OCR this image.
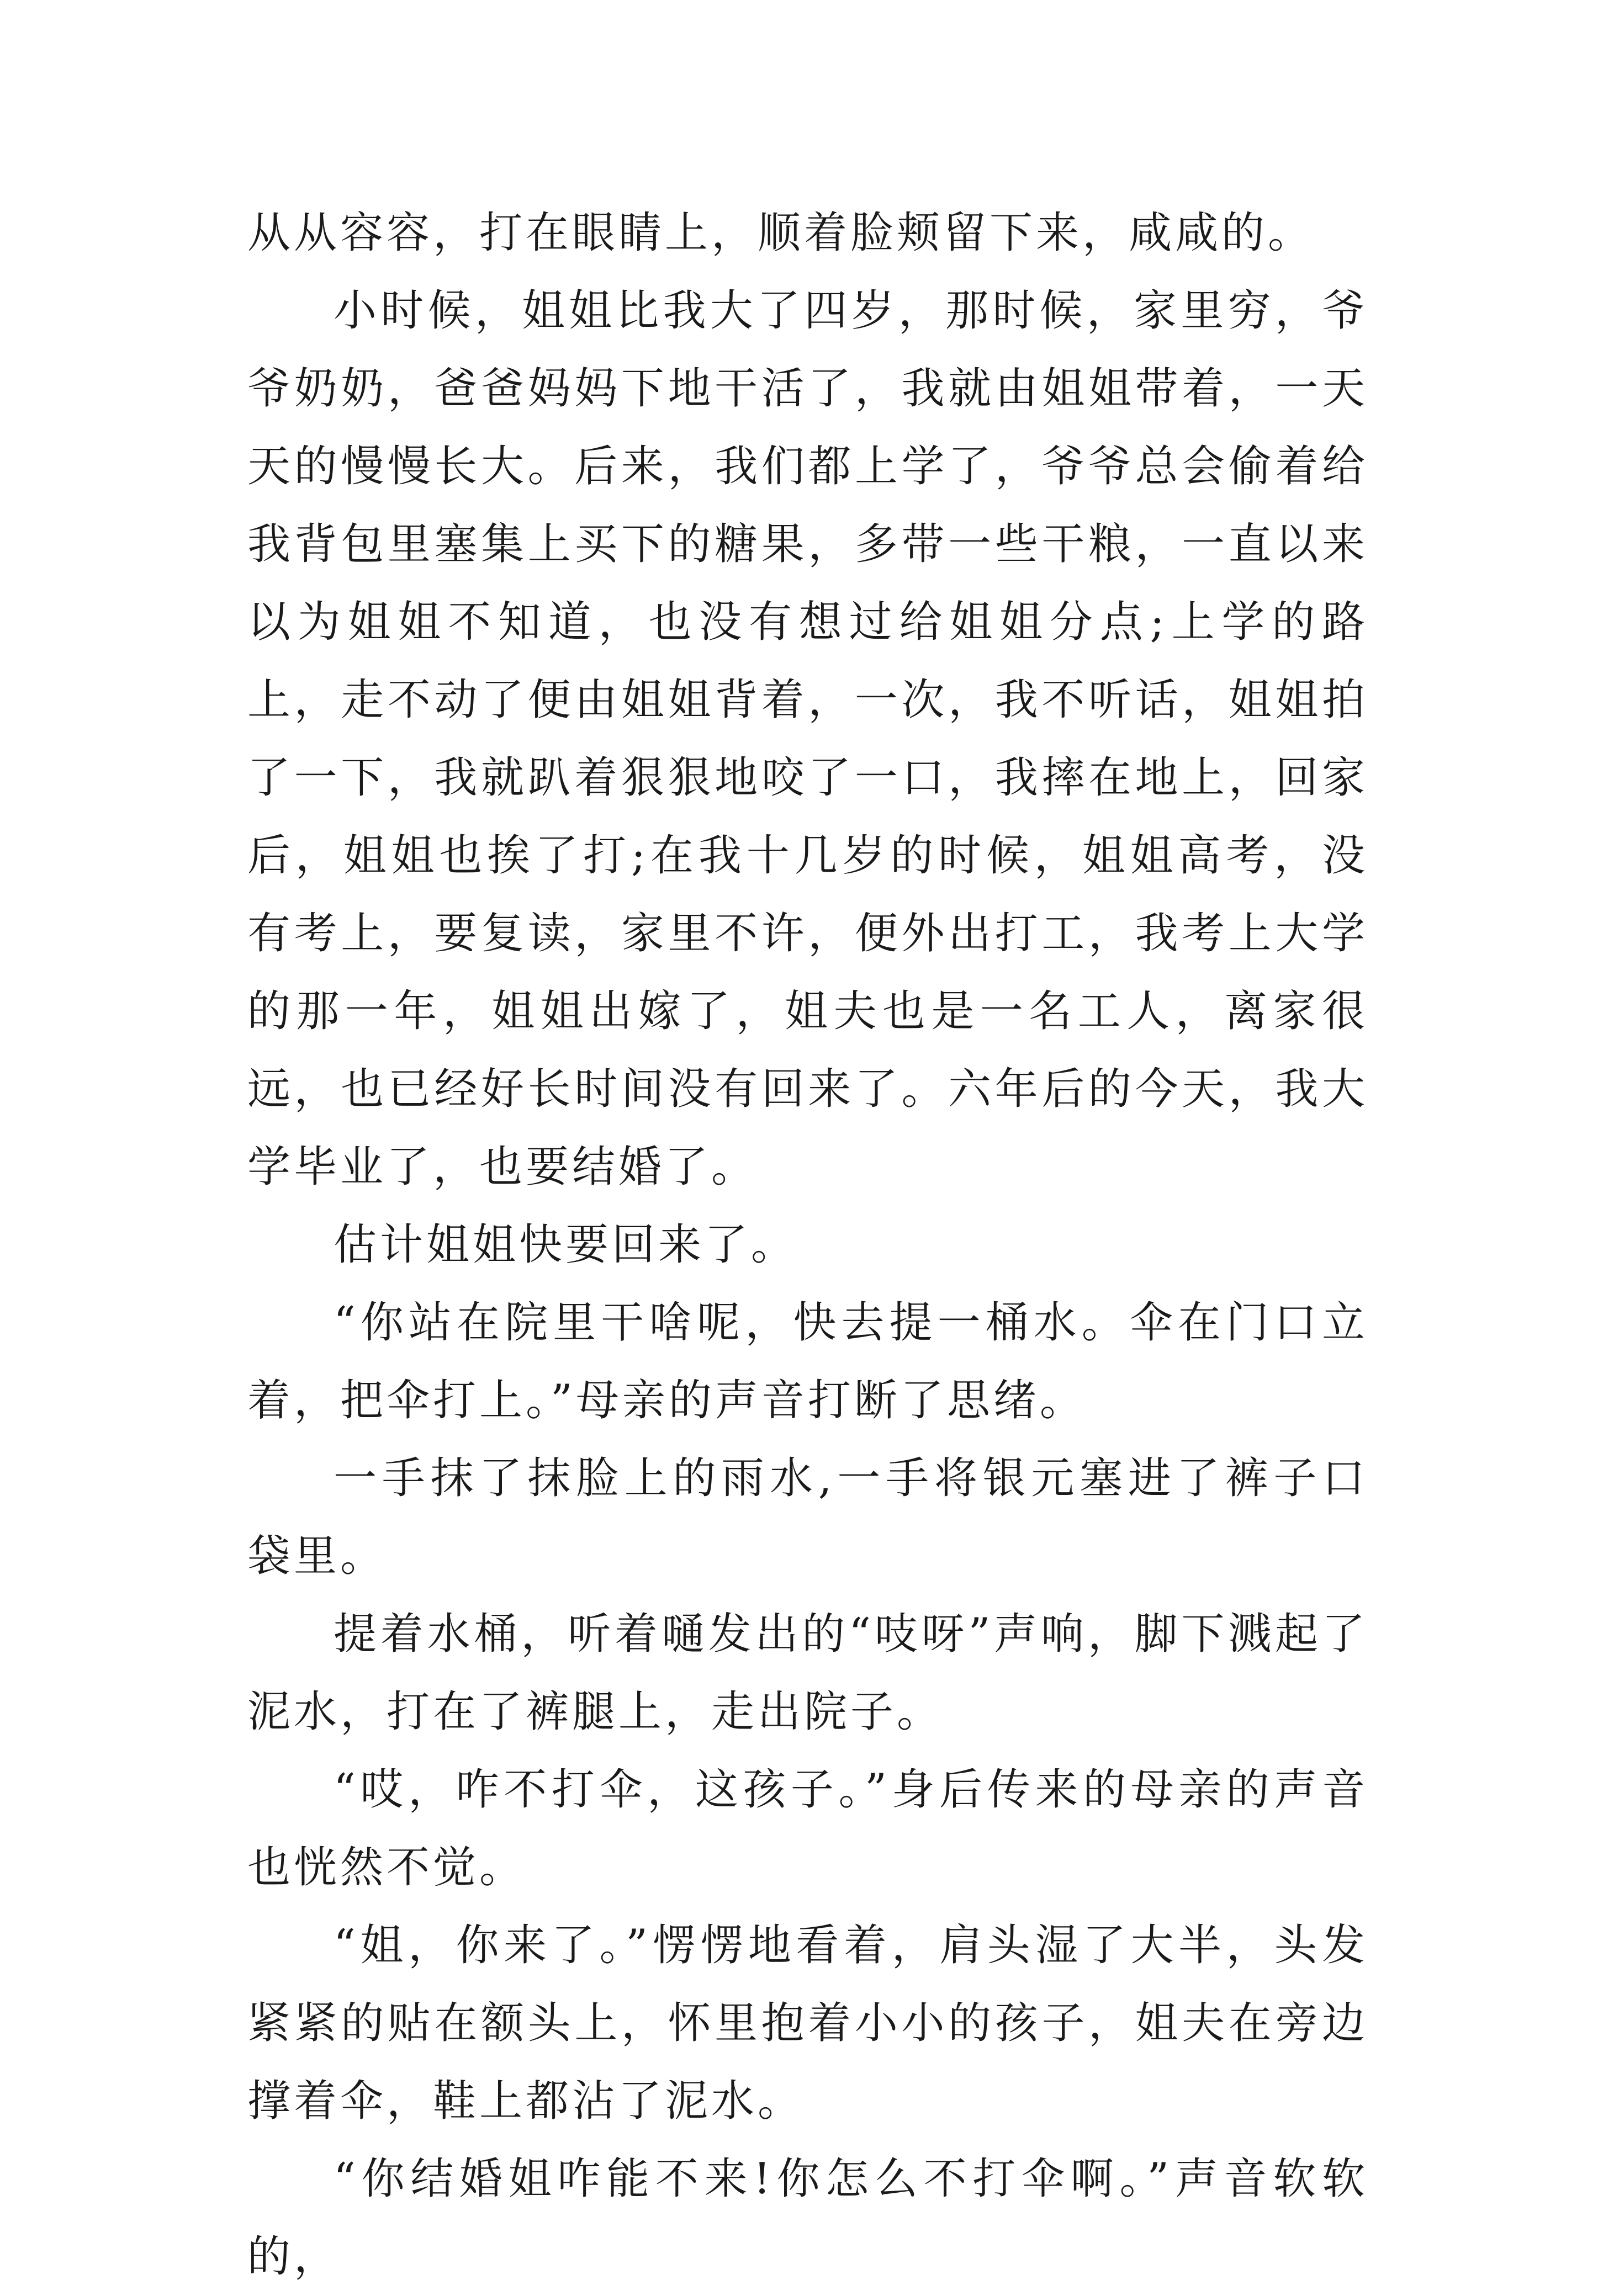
从从容容，打在眼睛上，顺着脸颊留下来，咸咸的。

小时候，姐姐比我大了四岁，那时候，家里穷，爷爷奶奶，爸爸妈妈下地干活了，我就由姐姐带着，一天天的慢慢长大。后来，我们都上学了，爷爷总会偷着给我背包里塞集上买下的糖果，多带一些干粮，一直以来以为姐姐不知道，也没有想过给姐姐分点;上学的路上，走不动了便由姐姐背着，一次，我不听话，姐姐拍了一下，我就趴着狠狠地咬了一口，我摔在地上，回家后，姐姐也挨了打;在我十几岁的时候，姐姐高考，没有考上，要复读，家里不许，便外出打工，我考上大学的那一年，姐姐出嫁了，姐夫也是一名工人，离家很远，也已经好长时间没有回来了。六年后的今天，我大学毕业了，也要结婚了。

估计姐姐快要回来了。

“你站在院里干啥呢，快去提一桶水。伞在门口立着，把伞打上。”母亲的声音打断了思绪。

一手抹了抹脸上的雨水,一手将银元塞进了裤子口袋里。

提着水桶，听着嗵发出的“吱呀”声响，脚下溅起了泥水，打在了裤腿上，走出院子。

“哎，咋不打伞，这孩子。”身后传来的母亲的声音也恍然不觉。

“姐，你来了。”愣愣地看着，肩头湿了大半，头发紧紧的贴在额头上，怀里抱着小小的孩子，姐夫在旁边撑着伞，鞋上都沾了泥水。

“你结婚姐咋能不来!你怎么不打伞啊。”声音软软的，
